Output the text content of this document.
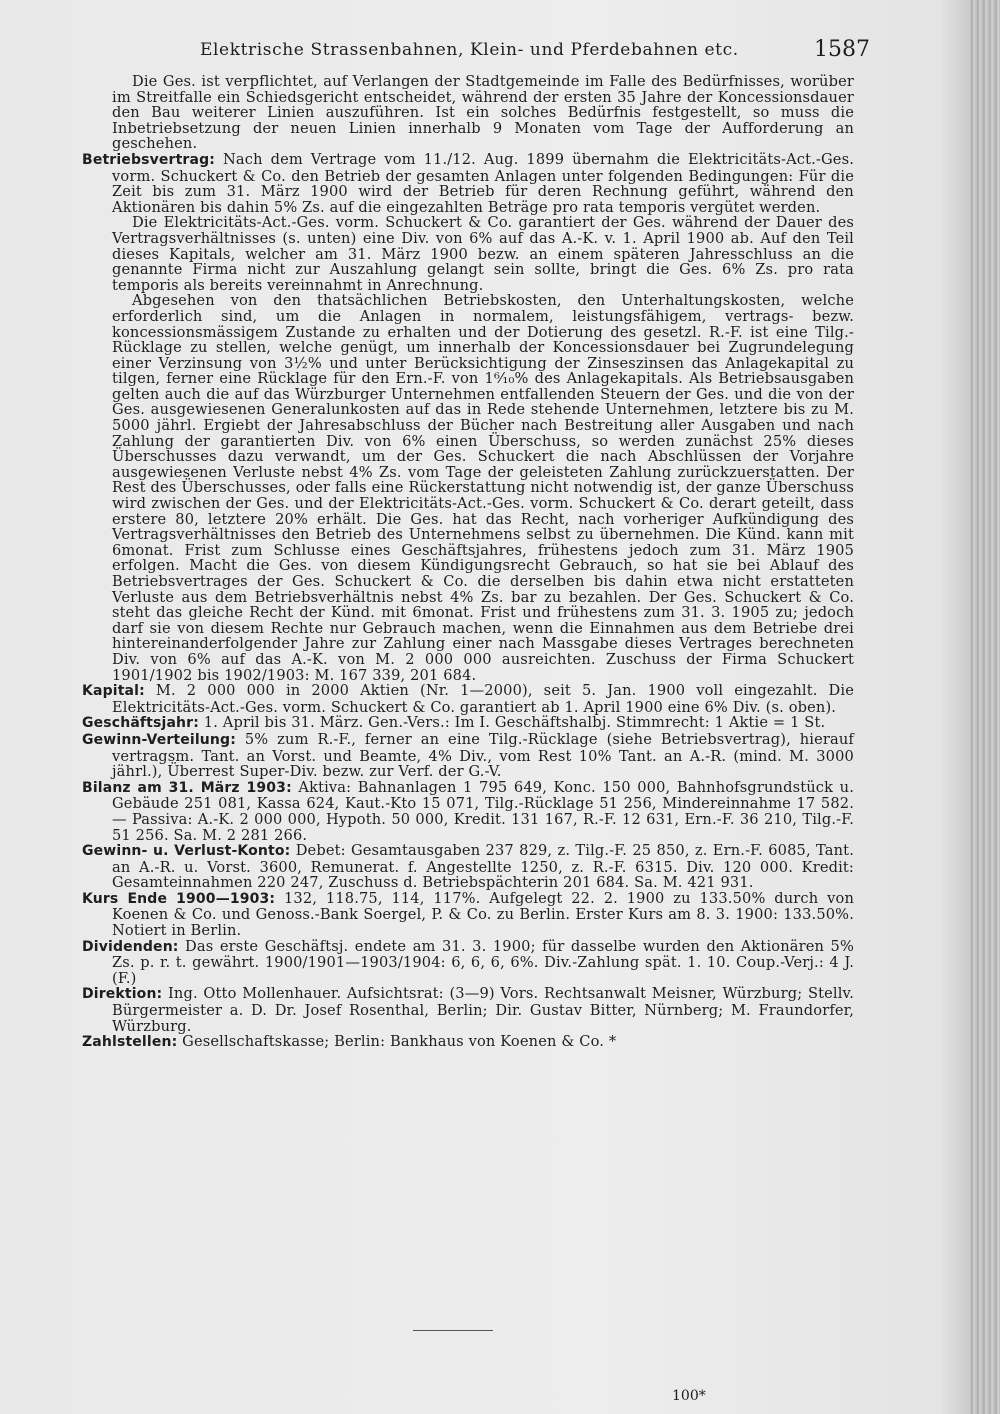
Elektrische Strassenbahnen, Klein- und Pferdebahnen etc.	1587

Die Ges. ist verpflichtet, auf Verlangen der Stadtgemeinde im Falle des Bedürfnisses, worüber im Streitfalle ein Schiedsgericht entscheidet, während der ersten 35 Jahre der Koncessionsdauer den Bau weiterer Linien auszuführen. Ist ein solches Bedürfnis festgestellt, so muss die Inbetriebsetzung der neuen Linien innerhalb 9 Monaten vom Tage der Aufforderung an geschehen.

Betriebsvertrag: Nach dem Vertrage vom 11./12. Aug. 1899 übernahm die Elektricitäts-Act.-Ges. vorm. Schuckert & Co. den Betrieb der gesamten Anlagen unter folgenden Bedingungen: Für die Zeit bis zum 31. März 1900 wird der Betrieb für deren Rechnung geführt, während den Aktionären bis dahin 5% Zs. auf die eingezahlten Beträge pro rata temporis vergütet werden.

Die Elektricitäts-Act.-Ges. vorm. Schuckert & Co. garantiert der Ges. während der Dauer des Vertragsverhältnisses (s. unten) eine Div. von 6% auf das A.-K. v. 1. April 1900 ab. Auf den Teil dieses Kapitals, welcher am 31. März 1900 bezw. an einem späteren Jahresschluss an die genannte Firma nicht zur Auszahlung gelangt sein sollte, bringt die Ges. 6% Zs. pro rata temporis als bereits vereinnahmt in Anrechnung.

Abgesehen von den thatsächlichen Betriebskosten, den Unterhaltungskosten, welche erforderlich sind, um die Anlagen in normalem, leistungsfähigem, vertrags- bezw. koncessionsmässigem Zustande zu erhalten und der Dotierung des gesetzl. R.-F. ist eine Tilg.-Rücklage zu stellen, welche genügt, um innerhalb der Koncessionsdauer bei Zugrundelegung einer Verzinsung von 3½% und unter Berücksichtigung der Zinseszinsen das Anlagekapital zu tilgen, ferner eine Rücklage für den Ern.-F. von 1⁶⁄₁₀% des Anlagekapitals. Als Betriebsausgaben gelten auch die auf das Würzburger Unternehmen entfallenden Steuern der Ges. und die von der Ges. ausgewiesenen Generalunkosten auf das in Rede stehende Unternehmen, letztere bis zu M. 5000 jährl. Ergiebt der Jahresabschluss der Bücher nach Bestreitung aller Ausgaben und nach Zahlung der garantierten Div. von 6% einen Überschuss, so werden zunächst 25% dieses Überschusses dazu verwandt, um der Ges. Schuckert die nach Abschlüssen der Vorjahre ausgewiesenen Verluste nebst 4% Zs. vom Tage der geleisteten Zahlung zurückzuerstatten. Der Rest des Überschusses, oder falls eine Rückerstattung nicht notwendig ist, der ganze Überschuss wird zwischen der Ges. und der Elektricitäts-Act.-Ges. vorm. Schuckert & Co. derart geteilt, dass erstere 80, letztere 20% erhält. Die Ges. hat das Recht, nach vorheriger Aufkündigung des Vertragsverhältnisses den Betrieb des Unternehmens selbst zu übernehmen. Die Künd. kann mit 6monat. Frist zum Schlusse eines Geschäftsjahres, frühestens jedoch zum 31. März 1905 erfolgen. Macht die Ges. von diesem Kündigungsrecht Gebrauch, so hat sie bei Ablauf des Betriebsvertrages der Ges. Schuckert & Co. die derselben bis dahin etwa nicht erstatteten Verluste aus dem Betriebsverhältnis nebst 4% Zs. bar zu bezahlen. Der Ges. Schuckert & Co. steht das gleiche Recht der Künd. mit 6monat. Frist und frühestens zum 31. 3. 1905 zu; jedoch darf sie von diesem Rechte nur Gebrauch machen, wenn die Einnahmen aus dem Betriebe drei hintereinanderfolgender Jahre zur Zahlung einer nach Massgabe dieses Vertrages berechneten Div. von 6% auf das A.-K. von M. 2 000 000 ausreichten. Zuschuss der Firma Schuckert 1901/1902 bis 1902/1903: M. 167 339, 201 684.

Kapital: M. 2 000 000 in 2000 Aktien (Nr. 1—2000), seit 5. Jan. 1900 voll eingezahlt. Die Elektricitäts-Act.-Ges. vorm. Schuckert & Co. garantiert ab 1. April 1900 eine 6% Div. (s. oben).

Geschäftsjahr: 1. April bis 31. März. Gen.-Vers.: Im I. Geschäftshalbj. Stimmrecht: 1 Aktie = 1 St.

Gewinn-Verteilung: 5% zum R.-F., ferner an eine Tilg.-Rücklage (siehe Betriebsvertrag), hierauf vertragsm. Tant. an Vorst. und Beamte, 4% Div., vom Rest 10% Tant. an A.-R. (mind. M. 3000 jährl.), Überrest Super-Div. bezw. zur Verf. der G.-V.

Bilanz am 31. März 1903: Aktiva: Bahnanlagen 1 795 649, Konc. 150 000, Bahnhofsgrundstück u. Gebäude 251 081, Kassa 624, Kaut.-Kto 15 071, Tilg.-Rücklage 51 256, Mindereinnahme 17 582. — Passiva: A.-K. 2 000 000, Hypoth. 50 000, Kredit. 131 167, R.-F. 12 631, Ern.-F. 36 210, Tilg.-F. 51 256. Sa. M. 2 281 266.

Gewinn- u. Verlust-Konto: Debet: Gesamtausgaben 237 829, z. Tilg.-F. 25 850, z. Ern.-F. 6085, Tant. an A.-R. u. Vorst. 3600, Remunerat. f. Angestellte 1250, z. R.-F. 6315. Div. 120 000. Kredit: Gesamteinnahmen 220 247, Zuschuss d. Betriebspächterin 201 684. Sa. M. 421 931.

Kurs Ende 1900—1903: 132, 118.75, 114, 117%. Aufgelegt 22. 2. 1900 zu 133.50% durch von Koenen & Co. und Genoss.-Bank Soergel, P. & Co. zu Berlin. Erster Kurs am 8. 3. 1900: 133.50%. Notiert in Berlin.

Dividenden: Das erste Geschäftsj. endete am 31. 3. 1900; für dasselbe wurden den Aktionären 5% Zs. p. r. t. gewährt. 1900/1901—1903/1904: 6, 6, 6, 6%. Div.-Zahlung spät. 1. 10. Coup.-Verj.: 4 J. (F.)

Direktion: Ing. Otto Mollenhauer. Aufsichtsrat: (3—9) Vors. Rechtsanwalt Meisner, Würzburg; Stellv. Bürgermeister a. D. Dr. Josef Rosenthal, Berlin; Dir. Gustav Bitter, Nürnberg; M. Fraundorfer, Würzburg.

Zahlstellen: Gesellschaftskasse; Berlin: Bankhaus von Koenen & Co. *

100*
